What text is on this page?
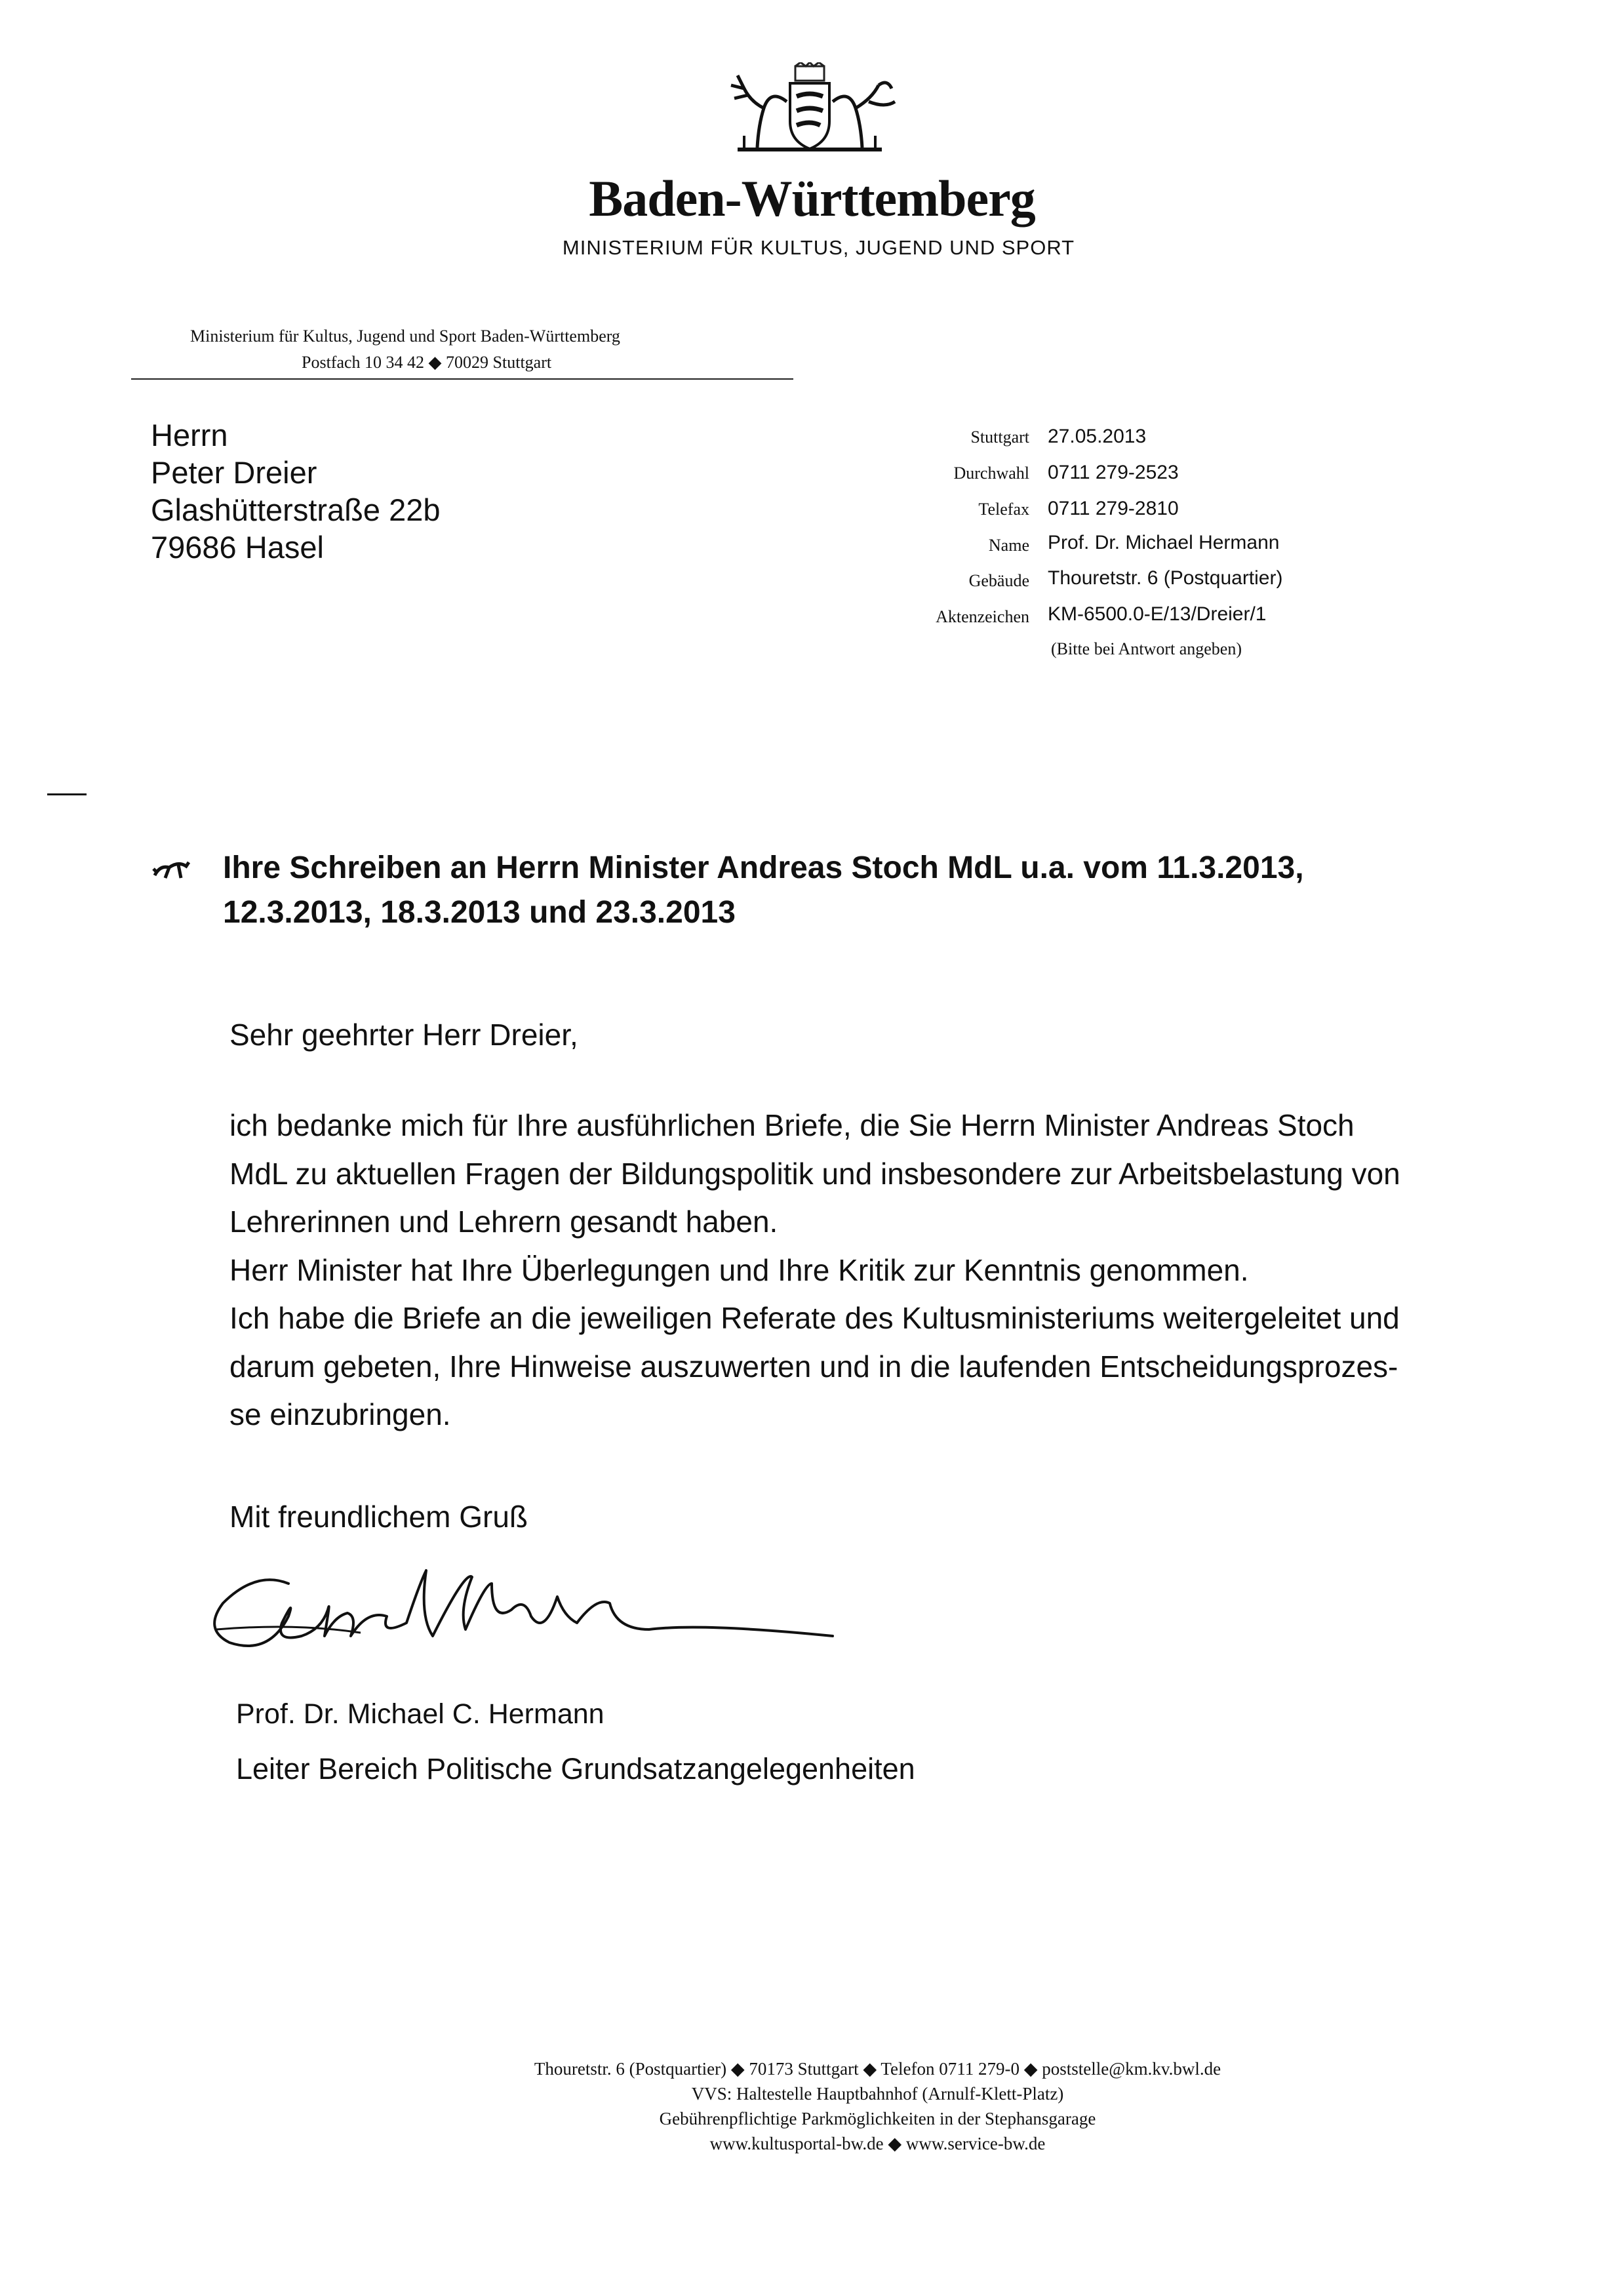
Baden-Württemberg
MINISTERIUM FÜR KULTUS, JUGEND UND SPORT
Ministerium für Kultus, Jugend und Sport Baden-Württemberg
Postfach 10 34 42 ◆ 70029 Stuttgart
Herrn
Peter Dreier
Glashütterstraße 22b
79686 Hasel
Stuttgart 27.05.2013
Durchwahl 0711 279-2523
Telefax 0711 279-2810
Name Prof. Dr. Michael Hermann
Gebäude Thouretstr. 6 (Postquartier)
Aktenzeichen KM-6500.0-E/13/Dreier/1
(Bitte bei Antwort angeben)
Ihre Schreiben an Herrn Minister Andreas Stoch MdL u.a. vom 11.3.2013,
12.3.2013, 18.3.2013 und 23.3.2013
Sehr geehrter Herr Dreier,
ich bedanke mich für Ihre ausführlichen Briefe, die Sie Herrn Minister Andreas Stoch
MdL zu aktuellen Fragen der Bildungspolitik und insbesondere zur Arbeitsbelastung von
Lehrerinnen und Lehrern gesandt haben.
Herr Minister hat Ihre Überlegungen und Ihre Kritik zur Kenntnis genommen.
Ich habe die Briefe an die jeweiligen Referate des Kultusministeriums weitergeleitet und
darum gebeten, Ihre Hinweise auszuwerten und in die laufenden Entscheidungsprozes-
se einzubringen.
Mit freundlichem Gruß
Prof. Dr. Michael C. Hermann
Leiter Bereich Politische Grundsatzangelegenheiten
Thouretstr. 6 (Postquartier) ◆ 70173 Stuttgart ◆ Telefon 0711 279-0 ◆ poststelle@km.kv.bwl.de
VVS: Haltestelle Hauptbahnhof (Arnulf-Klett-Platz)
Gebührenpflichtige Parkmöglichkeiten in der Stephansgarage
www.kultusportal-bw.de ◆ www.service-bw.de
